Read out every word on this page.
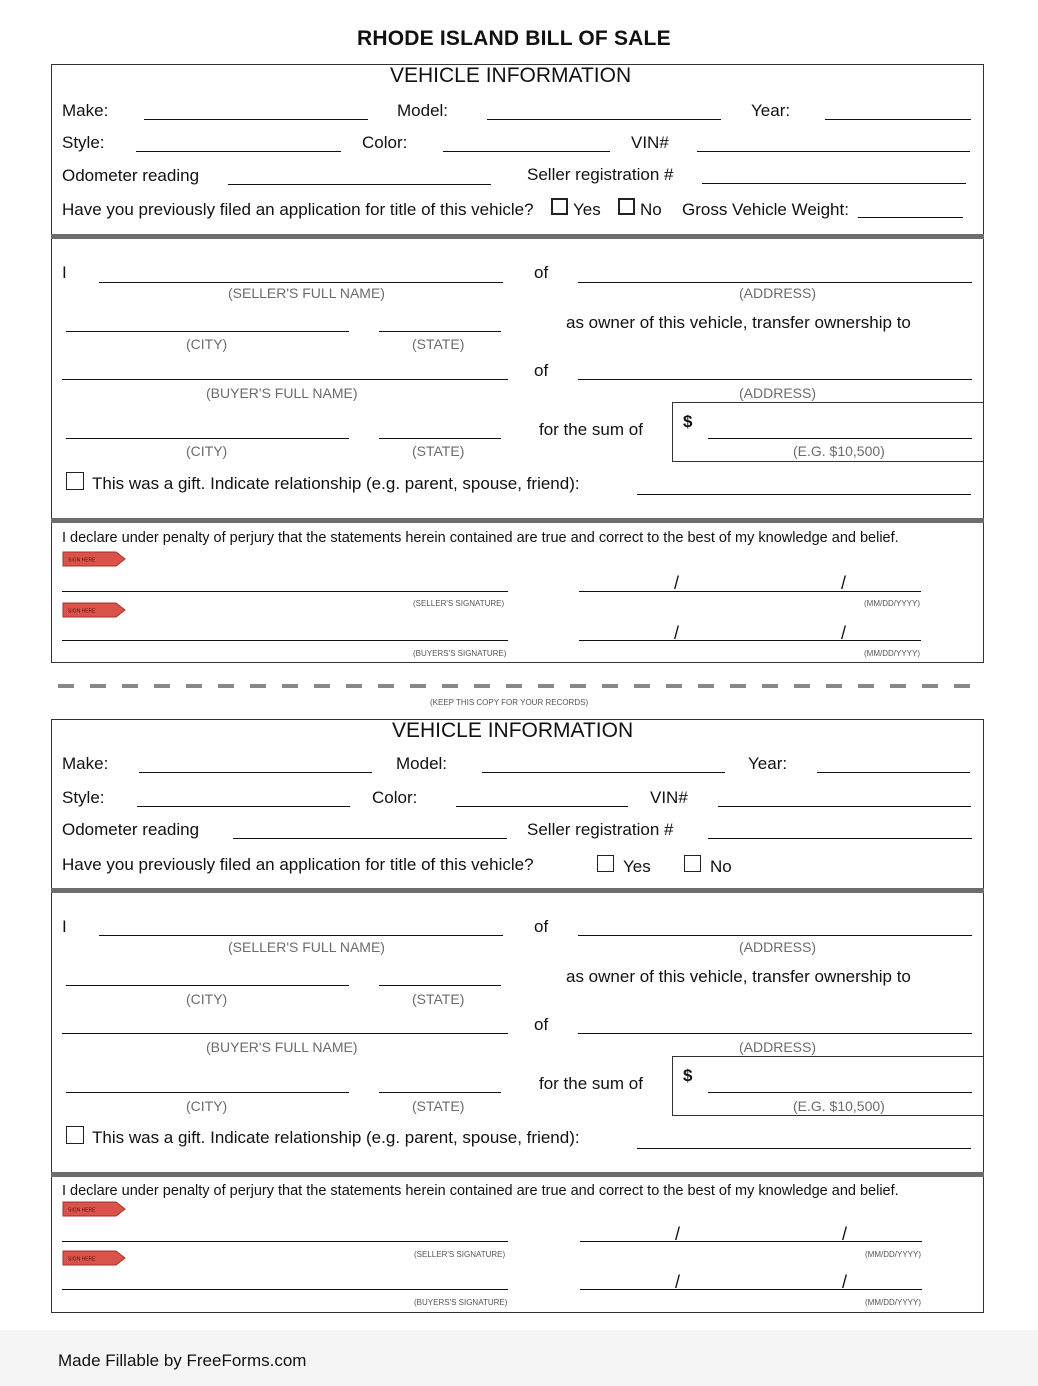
RHODE ISLAND BILL OF SALE
VEHICLE INFORMATION
Make:	Model:	Year:
Style:	Color:	VIN#
Odometer reading	Seller registration #
Have you previously filed an application for title of this vehicle? Yes No Gross Vehicle Weight:
I
(SELLER'S FULL NAME)
of
(ADDRESS)
(CITY)	(STATE)
as owner of this vehicle, transfer ownership to
(BUYER'S FULL NAME)
of
(ADDRESS)
(CITY)	(STATE)
for the sum of $
(E.G. $10,500)
This was a gift. Indicate relationship (e.g. parent, spouse, friend):
I declare under penalty of perjury that the statements herein contained are true and correct to the best of my knowledge and belief.
SIGN HERE
(SELLER'S SIGNATURE)
/	/
(MM/DD/YYYY)
SIGN HERE
(BUYERS'S SIGNATURE)
/	/
(MM/DD/YYYY)
(KEEP THIS COPY FOR YOUR RECORDS)
VEHICLE INFORMATION
Make:	Model:	Year:
Style:	Color:	VIN#
Odometer reading	Seller registration #
Have you previously filed an application for title of this vehicle?	Yes	No
I
(SELLER'S FULL NAME)
of
(ADDRESS)
(CITY)	(STATE)
as owner of this vehicle, transfer ownership to
(BUYER'S FULL NAME)
of
(ADDRESS)
(CITY)	(STATE)
for the sum of $
(E.G. $10,500)
This was a gift. Indicate relationship (e.g. parent, spouse, friend):
I declare under penalty of perjury that the statements herein contained are true and correct to the best of my knowledge and belief.
SIGN HERE
(SELLER'S SIGNATURE)
/	/
(MM/DD/YYYY)
SIGN HERE
(BUYERS'S SIGNATURE)
/	/
(MM/DD/YYYY)
Made Fillable by FreeForms.com
